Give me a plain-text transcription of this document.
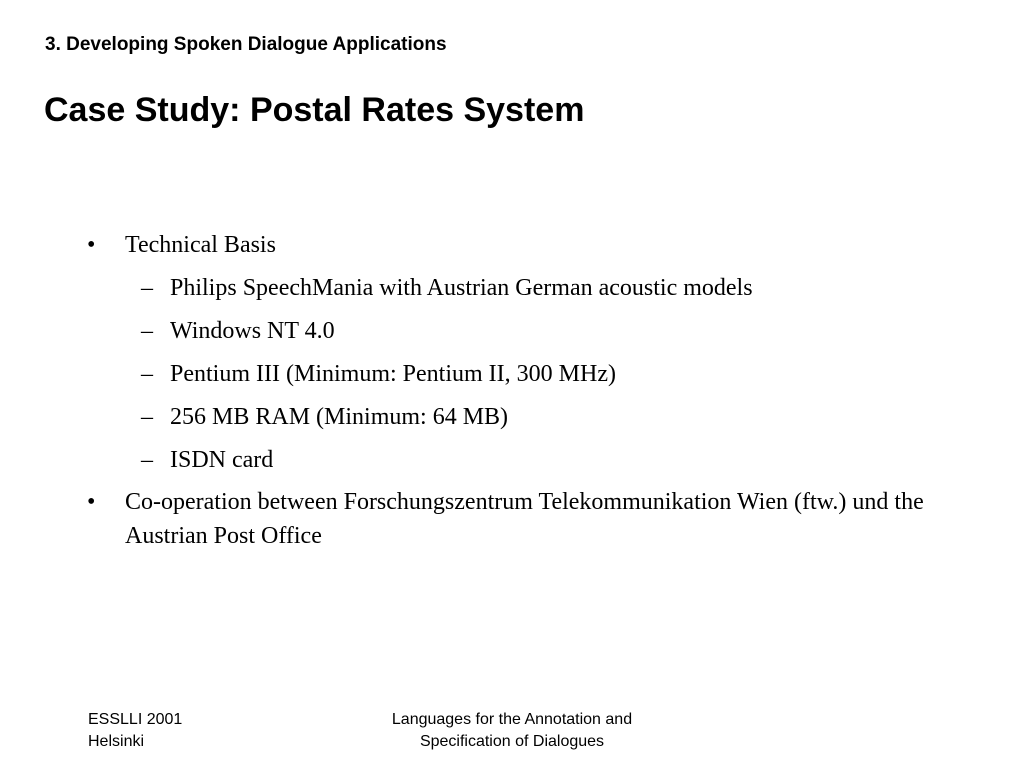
3. Developing Spoken Dialogue Applications
Case Study: Postal Rates System
• Technical Basis
– Philips SpeechMania with Austrian German acoustic models
– Windows NT 4.0
– Pentium III (Minimum: Pentium II, 300 MHz)
– 256 MB RAM (Minimum: 64 MB)
– ISDN card
• Co-operation between Forschungszentrum Telekommunikation Wien (ftw.) und the Austrian Post Office
ESSLLI 2001
Helsinki
Languages for the Annotation and
Specification of Dialogues
